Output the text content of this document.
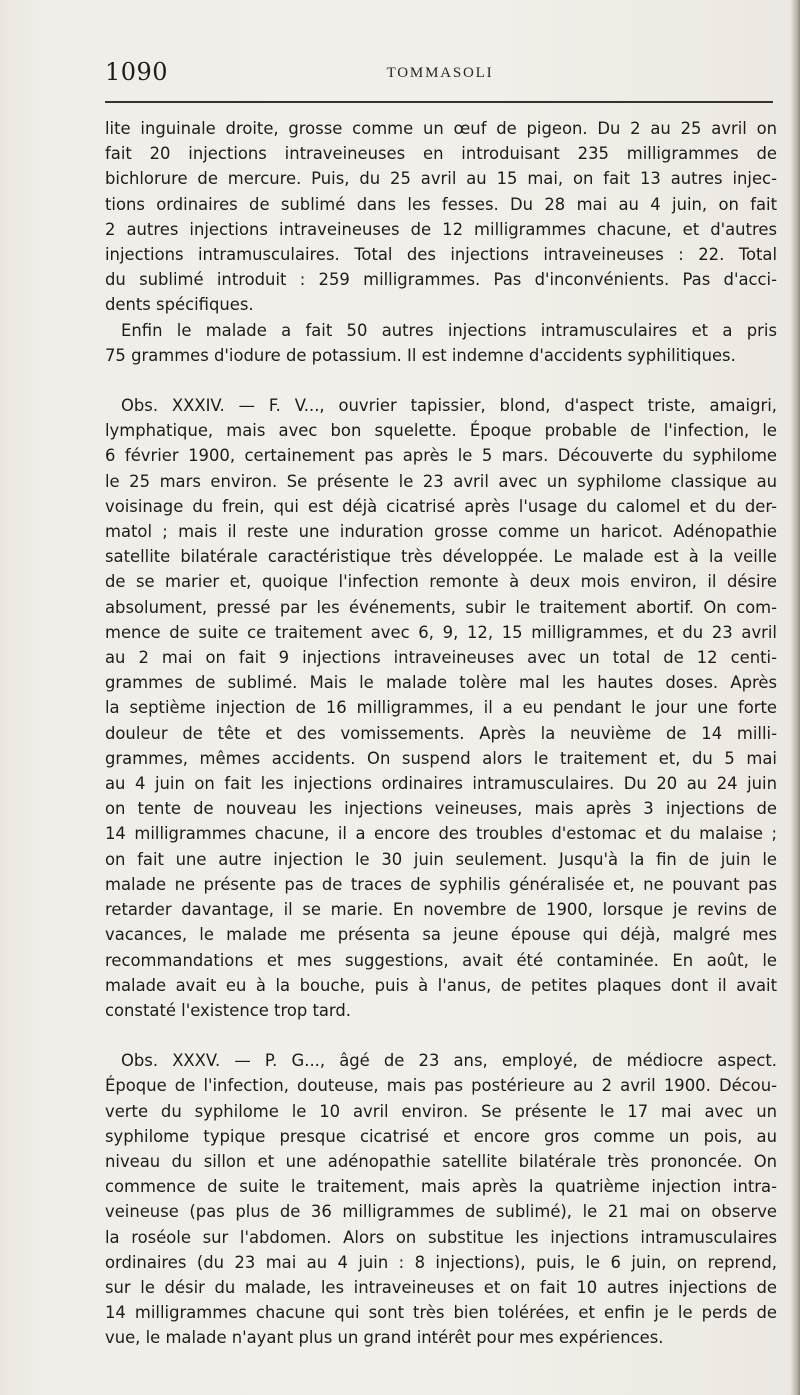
1090	TOMMASOLI

lite inguinale droite, grosse comme un œuf de pigeon. Du 2 au 25 avril on
fait 20 injections intraveineuses en introduisant 235 milligrammes de
bichlorure de mercure. Puis, du 25 avril au 15 mai, on fait 13 autres injec-
tions ordinaires de sublimé dans les fesses. Du 28 mai au 4 juin, on fait
2 autres injections intraveineuses de 12 milligrammes chacune, et d'autres
injections intramusculaires. Total des injections intraveineuses : 22. Total
du sublimé introduit : 259 milligrammes. Pas d'inconvénients. Pas d'acci-
dents spécifiques.

Enfin le malade a fait 50 autres injections intramusculaires et a pris
75 grammes d'iodure de potassium. Il est indemne d'accidents syphilitiques.

Obs. XXXIV. — F. V..., ouvrier tapissier, blond, d'aspect triste, amaigri,
lymphatique, mais avec bon squelette. Époque probable de l'infection, le
6 février 1900, certainement pas après le 5 mars. Découverte du syphilome
le 25 mars environ. Se présente le 23 avril avec un syphilome classique au
voisinage du frein, qui est déjà cicatrisé après l'usage du calomel et du der-
matol ; mais il reste une induration grosse comme un haricot. Adénopathie
satellite bilatérale caractéristique très développée. Le malade est à la veille
de se marier et, quoique l'infection remonte à deux mois environ, il désire
absolument, pressé par les événements, subir le traitement abortif. On com-
mence de suite ce traitement avec 6, 9, 12, 15 milligrammes, et du 23 avril
au 2 mai on fait 9 injections intraveineuses avec un total de 12 centi-
grammes de sublimé. Mais le malade tolère mal les hautes doses. Après
la septième injection de 16 milligrammes, il a eu pendant le jour une forte
douleur de tête et des vomissements. Après la neuvième de 14 milli-
grammes, mêmes accidents. On suspend alors le traitement et, du 5 mai
au 4 juin on fait les injections ordinaires intramusculaires. Du 20 au 24 juin
on tente de nouveau les injections veineuses, mais après 3 injections de
14 milligrammes chacune, il a encore des troubles d'estomac et du malaise ;
on fait une autre injection le 30 juin seulement. Jusqu'à la fin de juin le
malade ne présente pas de traces de syphilis généralisée et, ne pouvant pas
retarder davantage, il se marie. En novembre de 1900, lorsque je revins de
vacances, le malade me présenta sa jeune épouse qui déjà, malgré mes
recommandations et mes suggestions, avait été contaminée. En août, le
malade avait eu à la bouche, puis à l'anus, de petites plaques dont il avait
constaté l'existence trop tard.

Obs. XXXV. — P. G..., âgé de 23 ans, employé, de médiocre aspect.
Époque de l'infection, douteuse, mais pas postérieure au 2 avril 1900. Décou-
verte du syphilome le 10 avril environ. Se présente le 17 mai avec un
syphilome typique presque cicatrisé et encore gros comme un pois, au
niveau du sillon et une adénopathie satellite bilatérale très prononcée. On
commence de suite le traitement, mais après la quatrième injection intra-
veineuse (pas plus de 36 milligrammes de sublimé), le 21 mai on observe
la roséole sur l'abdomen. Alors on substitue les injections intramusculaires
ordinaires (du 23 mai au 4 juin : 8 injections), puis, le 6 juin, on reprend,
sur le désir du malade, les intraveineuses et on fait 10 autres injections de
14 milligrammes chacune qui sont très bien tolérées, et enfin je le perds de
vue, le malade n'ayant plus un grand intérêt pour mes expériences.
